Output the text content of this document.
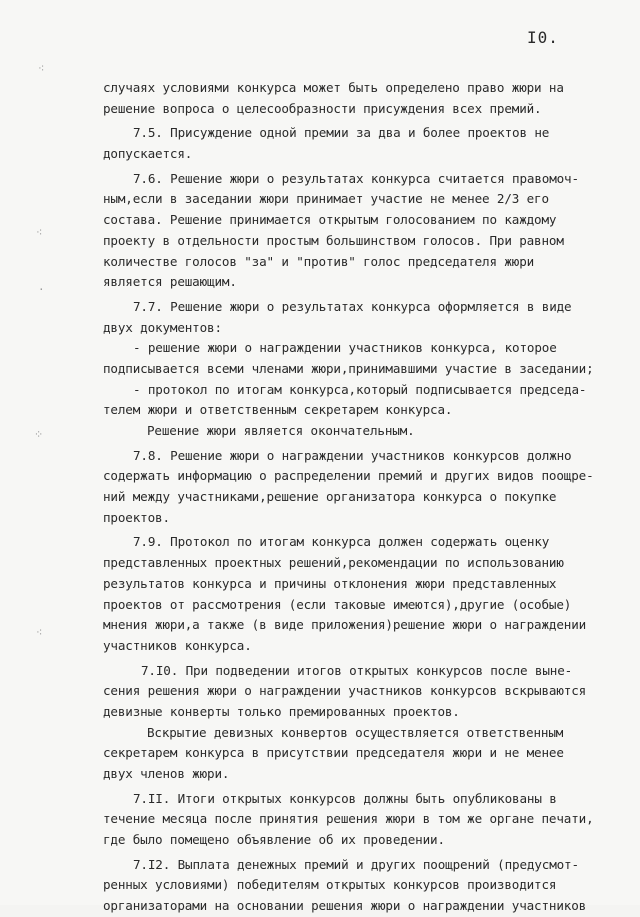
I0.
случаях условиями конкурса может быть определено право жюри на
решение вопроса о целесообразности присуждения всех премий.
7.5. Присуждение одной премии за два и более проектов не
допускается.
7.6. Решение жюри о результатах конкурса считается правомоч-
ным,если в заседании жюри принимает участие не менее 2/3 его
состава. Решение принимается открытым голосованием по каждому
проекту в отдельности простым большинством голосов. При равном
количестве голосов "за" и "против" голос председателя жюри
является решающим.
7.7. Решение жюри о результатах конкурса оформляется в виде
двух документов:
- решение жюри о награждении участников конкурса, которое
подписывается всеми членами жюри,принимавшими участие в заседании;
- протокол по итогам конкурса,который подписывается председа-
телем жюри и ответственным секретарем конкурса.
Решение жюри является окончательным.
7.8. Решение жюри о награждении участников конкурсов должно
содержать информацию о распределении премий и других видов поощре-
ний между участниками,решение организатора конкурса о покупке
проектов.
7.9. Протокол по итогам конкурса должен содержать оценку
представленных проектных решений,рекомендации по использованию
результатов конкурса и причины отклонения жюри представленных
проектов от рассмотрения (если таковые имеются),другие (особые)
мнения жюри,а также (в виде приложения)решение жюри о награждении
участников конкурса.
7.I0. При подведении итогов открытых конкурсов после выне-
сения решения жюри о награждении участников конкурсов вскрываются
девизные конверты только премированных проектов.
Вскрытие девизных конвертов осуществляется ответственным
секретарем конкурса в присутствии председателя жюри и не менее
двух членов жюри.
7.II. Итоги открытых конкурсов должны быть опубликованы в
течение месяца после принятия решения жюри в том же органе печати,
где было помещено объявление об их проведении.
7.I2. Выплата денежных премий и других поощрений (предусмот-
ренных условиями) победителям открытых конкурсов производится
организаторами на основании решения жюри о награждении участников
⁖
⁖
·
⁘
⁖
